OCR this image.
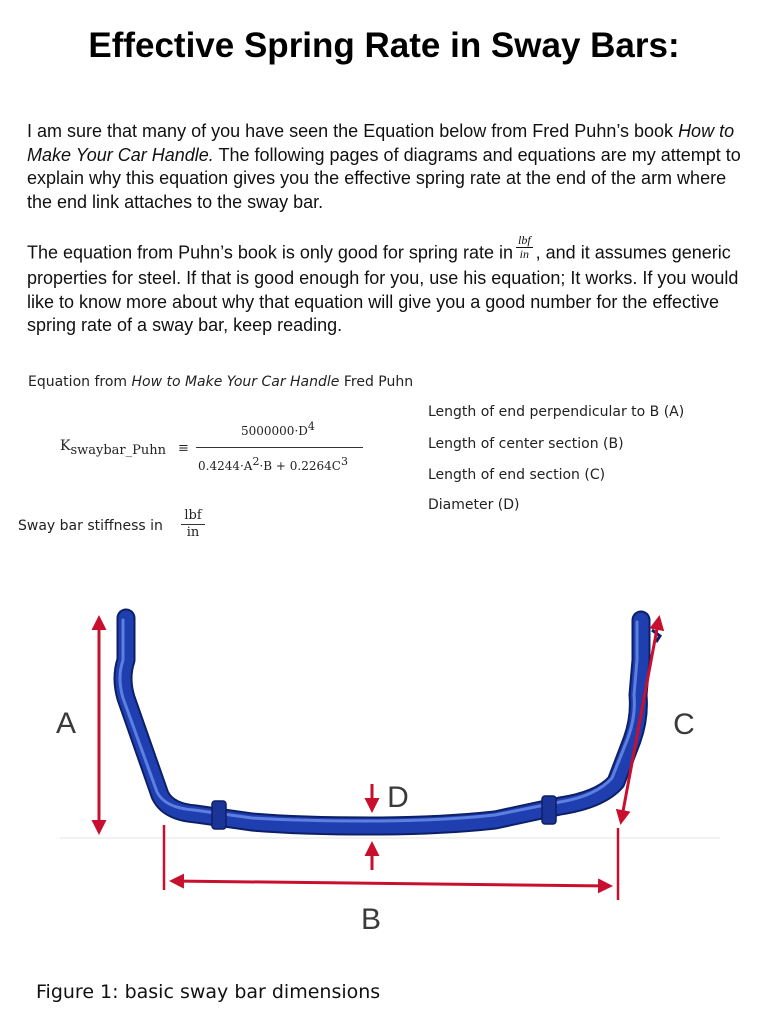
Effective Spring Rate in Sway Bars:
I am sure that many of you have seen the Equation below from Fred Puhn’s book How to Make Your Car Handle. The following pages of diagrams and equations are my attempt to explain why this equation gives you the effective spring rate at the end of the arm where the end link attaches to the sway bar.
The equation from Puhn’s book is only good for spring rate in $\frac{\text{lbf}}{in}$ , and it assumes generic properties for steel. If that is good enough for you, use his equation; It works. If you would like to know more about why that equation will give you a good number for the effective spring rate of a sway bar, keep reading.
Equation from How to Make Your Car Handle Fred Puhn
$K_{swaybar\_Puhn}$ ≡
$5000000\cdot D^4$
$0.4244\cdot A^2\cdot B + 0.2264C^3$
Length of end perpendicular to B (A)
Length of center section (B)
Length of end section (C)
Diameter (D)
Sway bar stiffness in
lbf
in
A	C
D
B
Figure 1: basic sway bar dimensions
